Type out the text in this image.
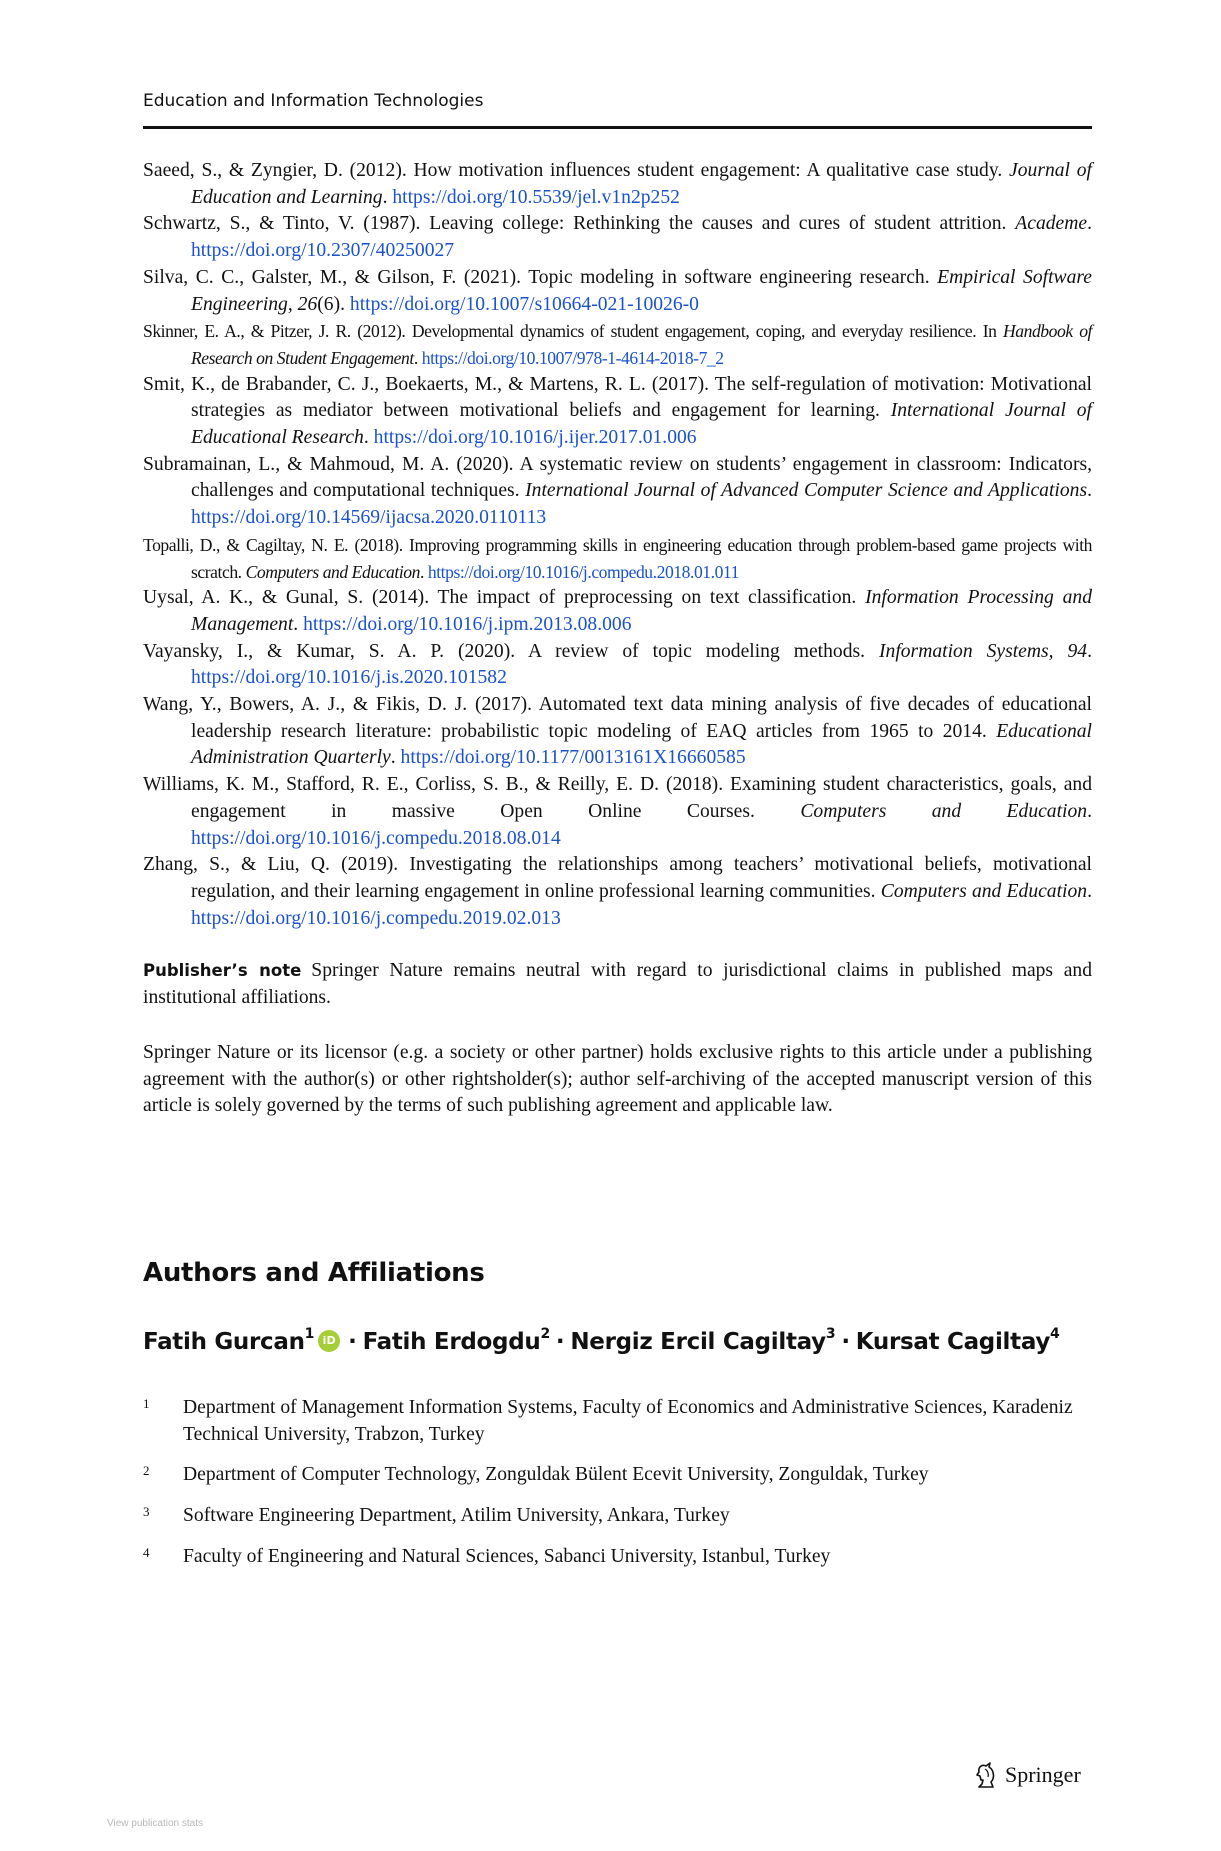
Education and Information Technologies

Saeed, S., & Zyngier, D. (2012). How motivation influences student engagement: A qualitative case study. Journal of Education and Learning. https://doi.org/10.5539/jel.v1n2p252

Schwartz, S., & Tinto, V. (1987). Leaving college: Rethinking the causes and cures of student attrition. Academe. https://doi.org/10.2307/40250027

Silva, C. C., Galster, M., & Gilson, F. (2021). Topic modeling in software engineering research. Empirical Software Engineering, 26(6). https://doi.org/10.1007/s10664-021-10026-0

Skinner, E. A., & Pitzer, J. R. (2012). Developmental dynamics of student engagement, coping, and everyday resilience. In Handbook of Research on Student Engagement. https://doi.org/10.1007/978-1-4614-2018-7_2

Smit, K., de Brabander, C. J., Boekaerts, M., & Martens, R. L. (2017). The self-regulation of motivation: Motivational strategies as mediator between motivational beliefs and engagement for learning. International Journal of Educational Research. https://doi.org/10.1016/j.ijer.2017.01.006

Subramainan, L., & Mahmoud, M. A. (2020). A systematic review on students’ engagement in classroom: Indicators, challenges and computational techniques. International Journal of Advanced Computer Science and Applications. https://doi.org/10.14569/ijacsa.2020.0110113

Topalli, D., & Cagiltay, N. E. (2018). Improving programming skills in engineering education through problem-based game projects with scratch. Computers and Education. https://doi.org/10.1016/j.compedu.2018.01.011

Uysal, A. K., & Gunal, S. (2014). The impact of preprocessing on text classification. Information Processing and Management. https://doi.org/10.1016/j.ipm.2013.08.006

Vayansky, I., & Kumar, S. A. P. (2020). A review of topic modeling methods. Information Systems, 94. https://doi.org/10.1016/j.is.2020.101582

Wang, Y., Bowers, A. J., & Fikis, D. J. (2017). Automated text data mining analysis of five decades of educational leadership research literature: probabilistic topic modeling of EAQ articles from 1965 to 2014. Educational Administration Quarterly. https://doi.org/10.1177/0013161X16660585

Williams, K. M., Stafford, R. E., Corliss, S. B., & Reilly, E. D. (2018). Examining student characteristics, goals, and engagement in massive Open Online Courses. Computers and Education. https://doi.org/10.1016/j.compedu.2018.08.014

Zhang, S., & Liu, Q. (2019). Investigating the relationships among teachers’ motivational beliefs, motivational regulation, and their learning engagement in online professional learning communities. Computers and Education. https://doi.org/10.1016/j.compedu.2019.02.013

Publisher’s note Springer Nature remains neutral with regard to jurisdictional claims in published maps and institutional affiliations.
Springer Nature or its licensor (e.g. a society or other partner) holds exclusive rights to this article under a publishing agreement with the author(s) or other rightsholder(s); author self-archiving of the accepted manuscript version of this article is solely governed by the terms of such publishing agreement and applicable law.
Authors and Affiliations
Fatih Gurcan$^1$ iD · Fatih Erdogdu$^2$ · Nergiz Ercil Cagiltay$^3$ · Kursat Cagiltay$^4$
1 Department of Management Information Systems, Faculty of Economics and Administrative Sciences, Karadeniz Technical University, Trabzon, Turkey
2 Department of Computer Technology, Zonguldak Bülent Ecevit University, Zonguldak, Turkey
3 Software Engineering Department, Atilim University, Ankara, Turkey
4 Faculty of Engineering and Natural Sciences, Sabanci University, Istanbul, Turkey
Springer
View publication stats
